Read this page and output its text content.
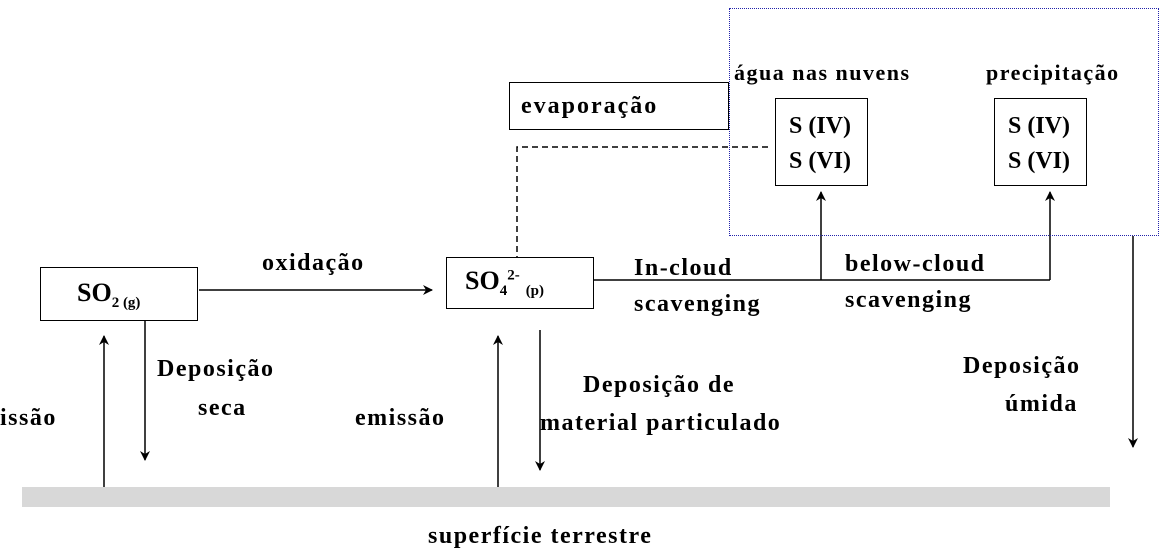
água nas nuvens	precipitação
S (IV)
S (VI)
S (IV)
S (VI)
evaporação
$SO_{2 (g)}$
$SO_4^{2-}_{(p)}$
oxidação	In-cloud
scavenging
below-cloud
scavenging
Deposição
seca
issão	emissão
Deposição de
material particulado
Deposição
úmida
superfície terrestre
